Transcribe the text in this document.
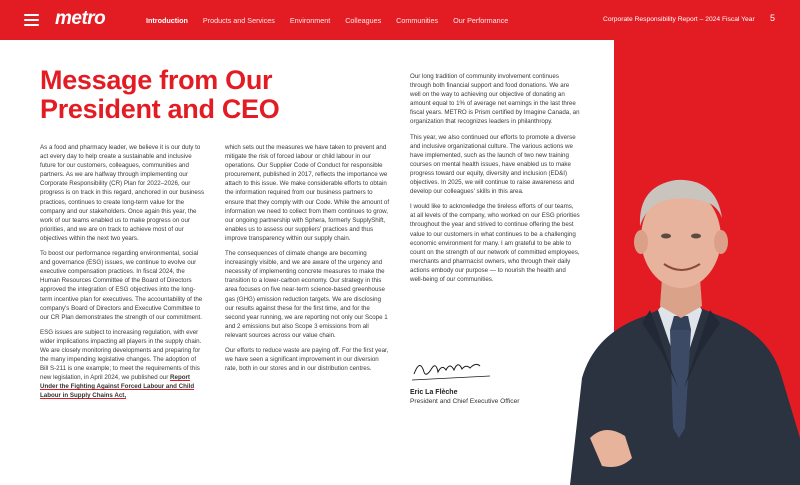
metro	Introduction Products and Services Environment Colleagues Communities Our Performance	Corporate Responsibility Report – 2024 Fiscal Year 5
Message from Our President and CEO

As a food and pharmacy leader, we believe it is our duty to act every day to help create a sustainable and inclusive future for our customers, colleagues, communities and partners. As we are halfway through implementing our Corporate Responsibility (CR) Plan for 2022–2026, our progress is on track in this regard, anchored in our business practices, continues to create long-term value for the company and our stakeholders. Once again this year, the work of our teams enabled us to make progress on our priorities, and we are on track to achieve most of our objectives within the next two years.

To boost our performance regarding environmental, social and governance (ESG) issues, we continue to evolve our executive compensation practices. In fiscal 2024, the Human Resources Committee of the Board of Directors approved the integration of ESG objectives into the long-term incentive plan for executives. The accountability of the company's Board of Directors and Executive Committee to our CR Plan demonstrates the strength of our commitment.

ESG issues are subject to increasing regulation, with ever wider implications impacting all players in the supply chain. We are closely monitoring developments and preparing for the many impending legislative changes. The adoption of Bill S-211 is one example; to meet the requirements of this new legislation, in April 2024, we published our Report Under the Fighting Against Forced Labour and Child Labour in Supply Chains Act,

which sets out the measures we have taken to prevent and mitigate the risk of forced labour or child labour in our operations. Our Supplier Code of Conduct for responsible procurement, published in 2017, reflects the importance we attach to this issue. We make considerable efforts to obtain the information required from our business partners to ensure that they comply with our Code. While the amount of information we need to collect from them continues to grow, our ongoing partnership with Sphera, formerly SupplyShift, enables us to assess our suppliers' practices and thus improve transparency within our supply chain.

The consequences of climate change are becoming increasingly visible, and we are aware of the urgency and necessity of implementing concrete measures to make the transition to a lower-carbon economy. Our strategy in this area focuses on five near-term science-based greenhouse gas (GHG) emission reduction targets. We are disclosing our results against these for the first time, and for the second year running, we are reporting not only our Scope 1 and 2 emissions but also Scope 3 emissions from all relevant sources across our value chain.

Our efforts to reduce waste are paying off. For the first year, we have seen a significant improvement in our diversion rate, both in our stores and in our distribution centres.

Our long tradition of community involvement continues through both financial support and food donations. We are well on the way to achieving our objective of donating an amount equal to 1% of average net earnings in the last three fiscal years. METRO is Prism certified by Imagine Canada, an organization that recognizes leaders in philanthropy.

This year, we also continued our efforts to promote a diverse and inclusive organizational culture. The various actions we have implemented, such as the launch of two new training courses on mental health issues, have enabled us to make progress toward our equity, diversity and inclusion (ED&I) objectives. In 2025, we will continue to raise awareness and develop our colleagues' skills in this area.

I would like to acknowledge the tireless efforts of our teams, at all levels of the company, who worked on our ESG priorities throughout the year and strived to continue offering the best value to our customers in what continues to be a challenging economic environment for many. I am grateful to be able to count on the strength of our network of committed employees, merchants and pharmacist owners, who through their daily actions embody our purpose — to nourish the health and well-being of our communities.

Eric La Flèche
President and Chief Executive Officer
